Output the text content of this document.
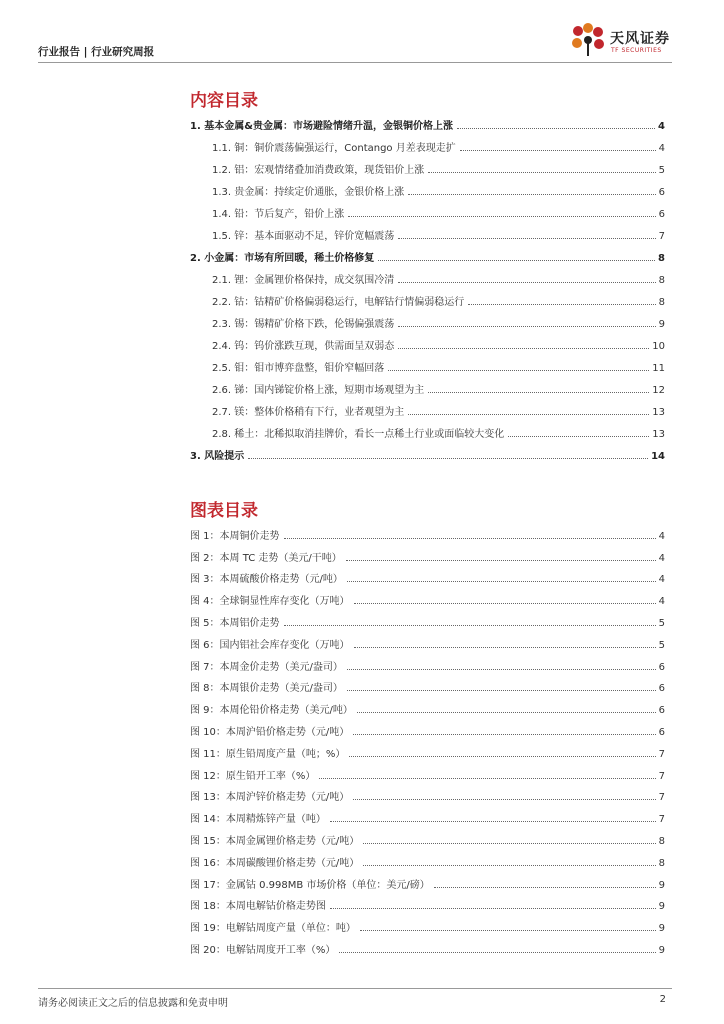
行业报告 | 行业研究周报
天风证券
TF SECURITIES
内容目录
1. 基本金属&贵金属：市场避险情绪升温，金银铜价格上涨	4
1.1. 铜：铜价震荡偏强运行，Contango 月差表现走扩	4
1.2. 铝：宏观情绪叠加消费政策，现货铝价上涨	5
1.3. 贵金属：持续定价通胀，金银价格上涨	6
1.4. 铅：节后复产，铅价上涨	6
1.5. 锌：基本面驱动不足，锌价宽幅震荡	7
2. 小金属：市场有所回暖，稀土价格修复	8
2.1. 锂：金属锂价格保持，成交氛围冷清	8
2.2. 钴：钴精矿价格偏弱稳运行，电解钴行情偏弱稳运行	8
2.3. 锡：锡精矿价格下跌，伦锡偏强震荡	9
2.4. 钨：钨价涨跌互现，供需面呈双弱态	10
2.5. 钼：钼市博弈盘整，钼价窄幅回落	11
2.6. 锑：国内锑锭价格上涨，短期市场观望为主	12
2.7. 镁：整体价格稍有下行，业者观望为主	13
2.8. 稀土：北稀拟取消挂牌价，看长一点稀土行业或面临较大变化	13
3. 风险提示	14
图表目录
图 1：本周铜价走势	4
图 2：本周 TC 走势（美元/干吨）	4
图 3：本周硫酸价格走势（元/吨）	4
图 4：全球铜显性库存变化（万吨）	4
图 5：本周铝价走势	5
图 6：国内铝社会库存变化（万吨）	5
图 7：本周金价走势（美元/盎司）	6
图 8：本周银价走势（美元/盎司）	6
图 9：本周伦铅价格走势（美元/吨）	6
图 10：本周沪铅价格走势（元/吨）	6
图 11：原生铅周度产量（吨；%）	7
图 12：原生铅开工率（%）	7
图 13：本周沪锌价格走势（元/吨）	7
图 14：本周精炼锌产量（吨）	7
图 15：本周金属锂价格走势（元/吨）	8
图 16：本周碳酸锂价格走势（元/吨）	8
图 17：金属钴 0.998MB 市场价格（单位：美元/磅）	9
图 18：本周电解钴价格走势图	9
图 19：电解钴周度产量（单位：吨）	9
图 20：电解钴周度开工率（%）	9
请务必阅读正文之后的信息披露和免责申明	2
